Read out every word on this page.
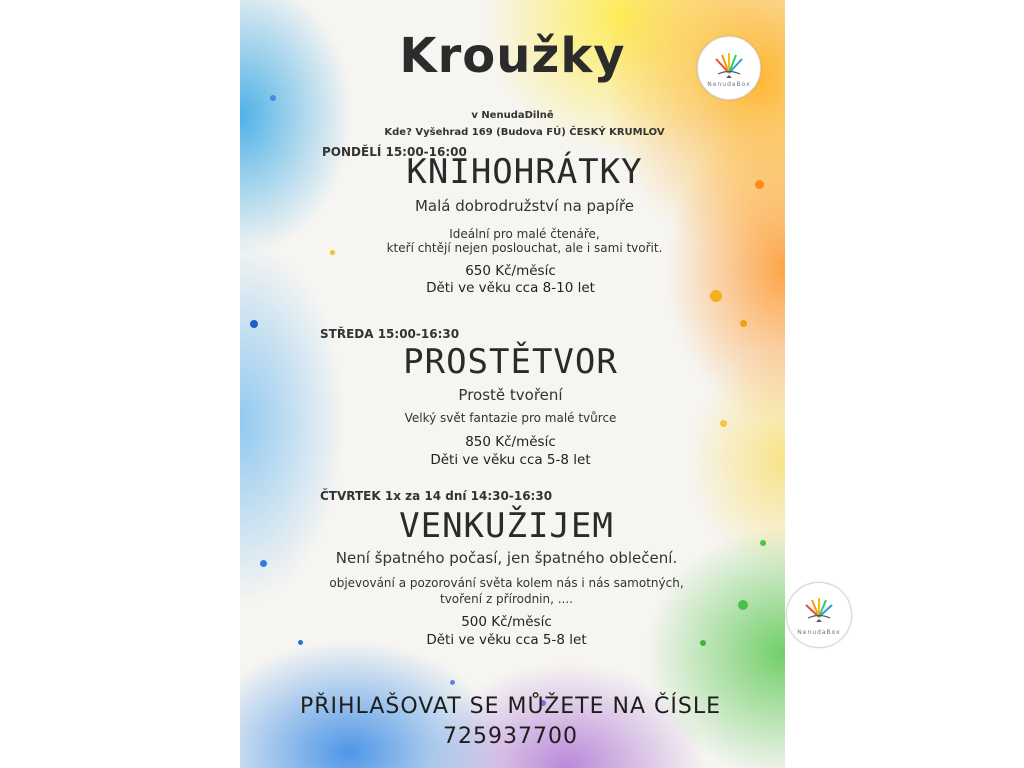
Kroužky
v NenudaDilně
Kde? Vyšehrad 169 (Budova FÚ) ČESKÝ KRUMLOV
PONDĚLÍ 15:00-16:00
KNIHOHRÁTKY
Malá dobrodružství na papíře
Ideální pro malé čtenáře,
kteří chtějí nejen poslouchat, ale i sami tvořit.
650 Kč/měsíc
Děti ve věku cca 8-10 let
STŘEDA 15:00-16:30
PROSTĚTVOR
Prostě tvoření
Velký svět fantazie pro malé tvůrce
850 Kč/měsíc
Děti ve věku cca 5-8 let
ČTVRTEK 1x za 14 dní 14:30-16:30
VENKUŽIJEM
Není špatného počasí, jen špatného oblečení.
objevování a pozorování světa kolem nás i nás samotných,
tvoření z přírodnin, ....
500 Kč/měsíc
Děti ve věku cca 5-8 let
PŘIHLAŠOVAT SE MŮŽETE NA ČÍSLE
725937700
NenudaBox
NenudaBox
